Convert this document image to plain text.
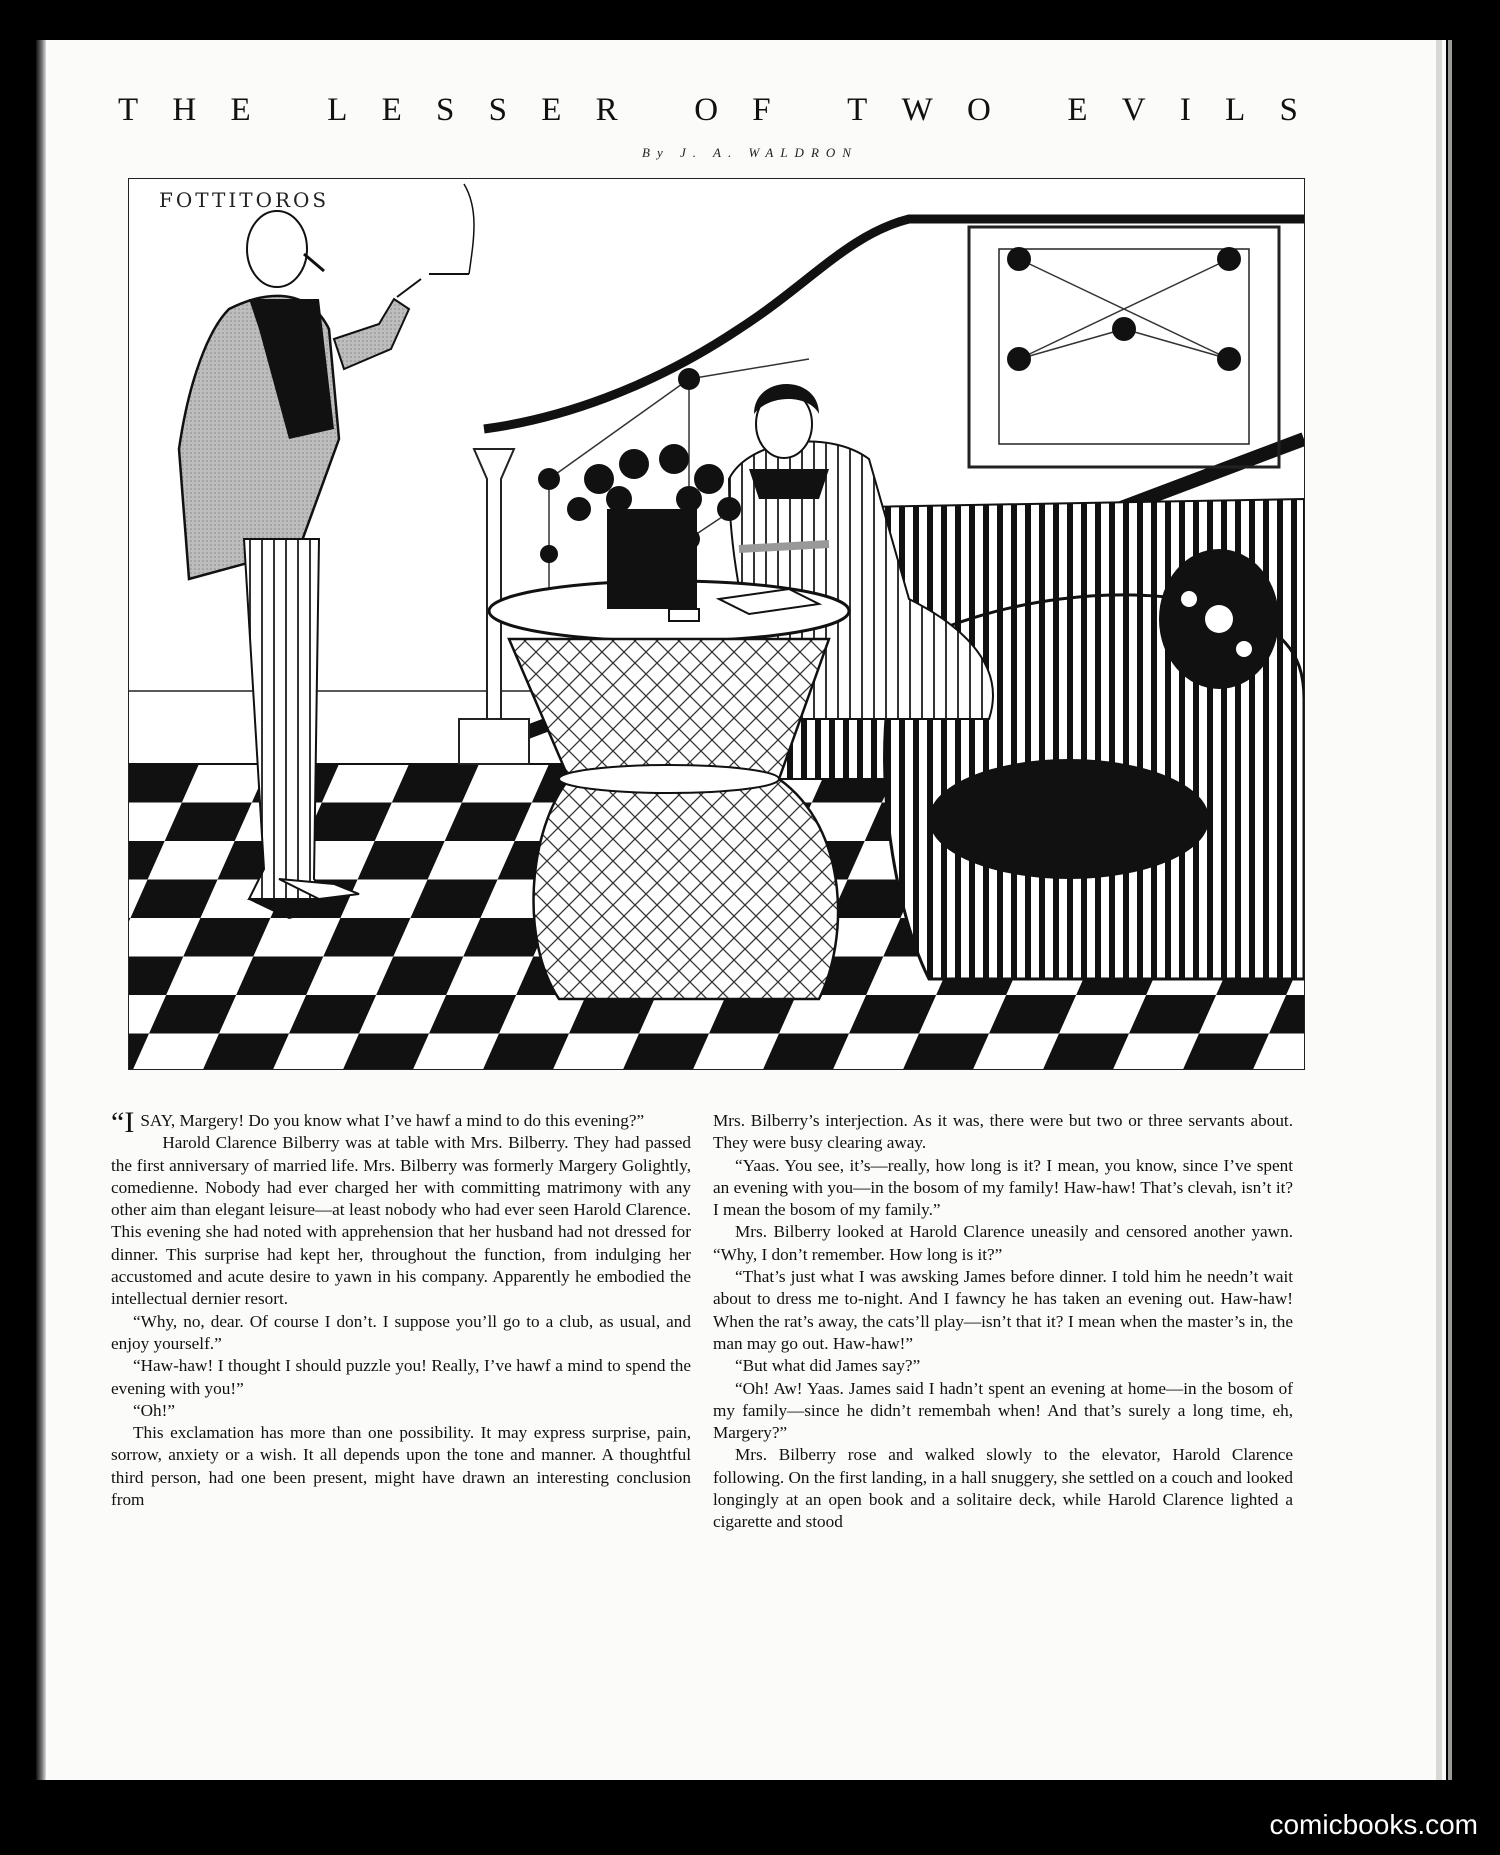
T H E L E S S E R O F T W O E V I L S
By J. A. WALDRON
FOTTITOROS

“ISAY, Margery! Do you know what I’ve hawf a mind to do this evening?”

Harold Clarence Bilberry was at table with Mrs. Bilberry. They had passed the first anniversary of married life. Mrs. Bilberry was formerly Margery Golightly, comedienne. Nobody had ever charged her with committing matrimony with any other aim than elegant leisure—at least nobody who had ever seen Harold Clarence. This evening she had noted with apprehension that her husband had not dressed for dinner. This surprise had kept her, throughout the function, from indulging her accustomed and acute desire to yawn in his company. Apparently he embodied the intellectual dernier resort.

“Why, no, dear. Of course I don’t. I suppose you’ll go to a club, as usual, and enjoy yourself.”

“Haw-haw! I thought I should puzzle you! Really, I’ve hawf a mind to spend the evening with you!”

“Oh!”

This exclamation has more than one possibility. It may express surprise, pain, sorrow, anxiety or a wish. It all depends upon the tone and manner. A thoughtful third person, had one been present, might have drawn an interesting conclusion from

Mrs. Bilberry’s interjection. As it was, there were but two or three servants about. They were busy clearing away.

“Yaas. You see, it’s—really, how long is it? I mean, you know, since I’ve spent an evening with you—in the bosom of my family! Haw-haw! That’s clevah, isn’t it? I mean the bosom of my family.”

Mrs. Bilberry looked at Harold Clarence uneasily and censored another yawn. “Why, I don’t remember. How long is it?”

“That’s just what I was awsking James before dinner. I told him he needn’t wait about to dress me to-night. And I fawncy he has taken an evening out. Haw-haw! When the rat’s away, the cats’ll play—isn’t that it? I mean when the master’s in, the man may go out. Haw-haw!”

“But what did James say?”

“Oh! Aw! Yaas. James said I hadn’t spent an evening at home—in the bosom of my family—since he didn’t remembah when! And that’s surely a long time, eh, Margery?”

Mrs. Bilberry rose and walked slowly to the elevator, Harold Clarence following. On the first landing, in a hall snuggery, she settled on a couch and looked longingly at an open book and a solitaire deck, while Harold Clarence lighted a cigarette and stood

comicbooks.com
